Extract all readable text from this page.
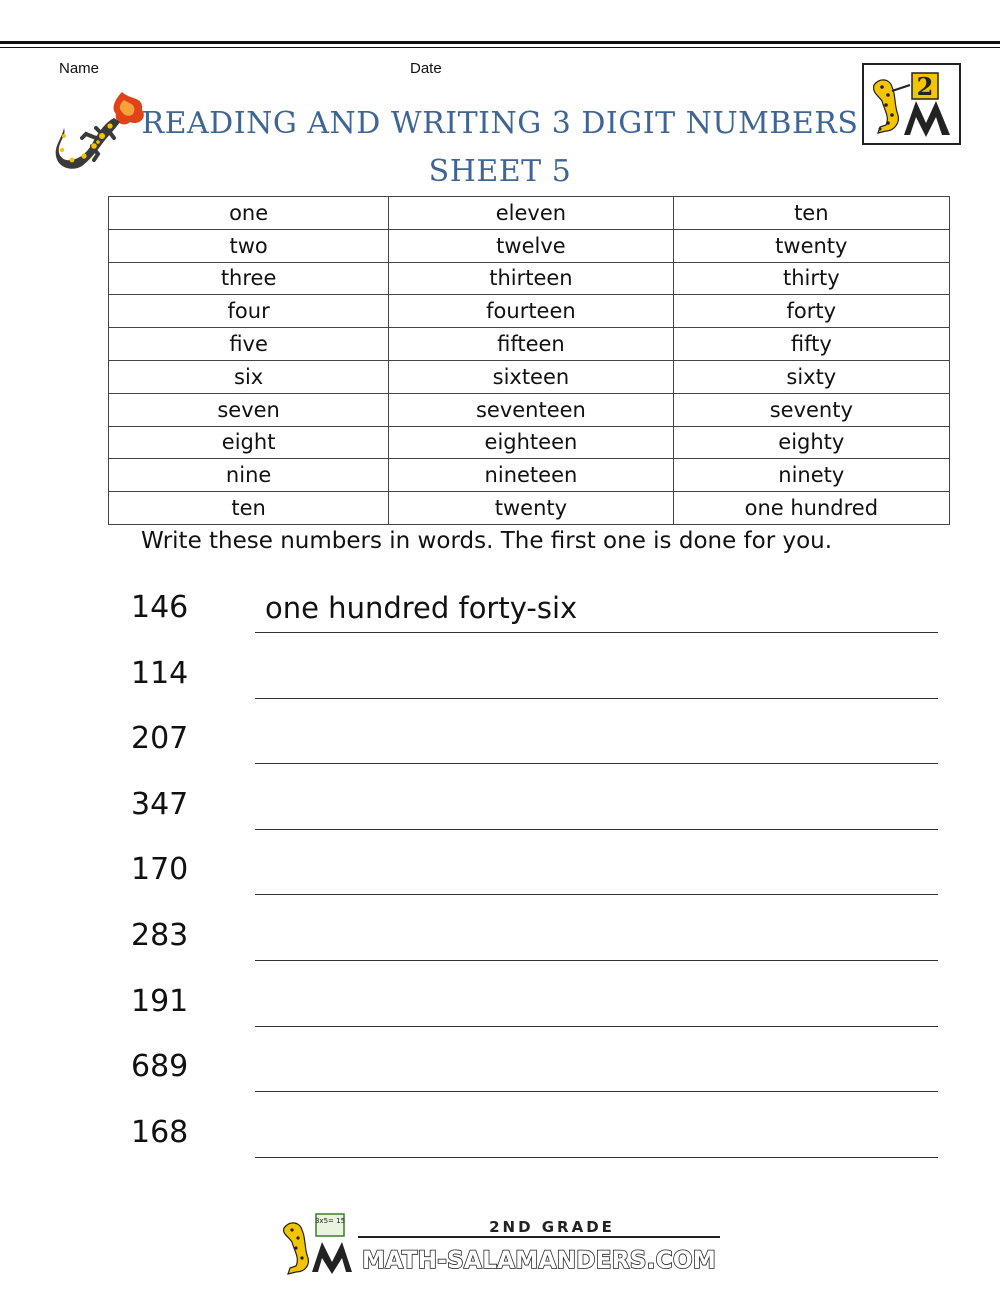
Name	Date
READING AND WRITING 3 DIGIT NUMBERS
SHEET 5
2
one	eleven	ten
two	twelve	twenty
three	thirteen	thirty
four	fourteen	forty
five	fifteen	fifty
six	sixteen	sixty
seven	seventeen	seventy
eight	eighteen	eighty
nine	nineteen	ninety
ten	twenty	one hundred
Write these numbers in words. The first one is done for you.
146	one hundred forty-six
114
207
347
170
283
191
689
168
3x5= 15	2ND GRADE
MATH-SALAMANDERS.COM
